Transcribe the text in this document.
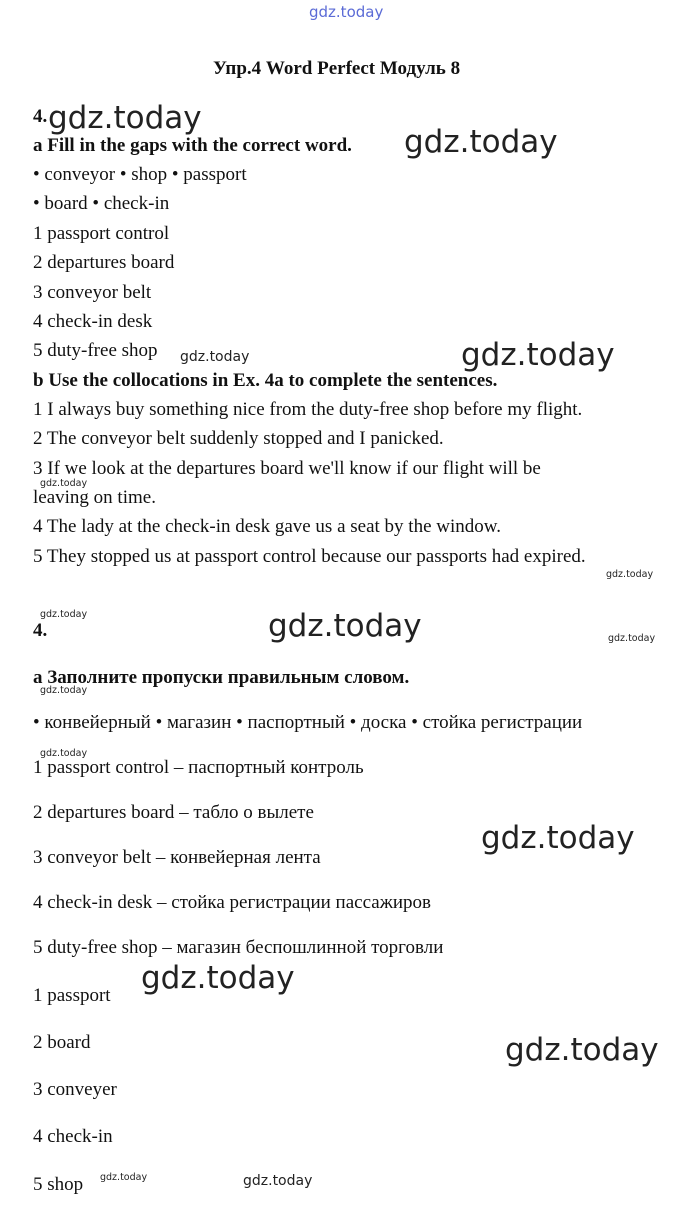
gdz.today
Упр.4 Word Perfect Модуль 8
4.
a Fill in the gaps with the correct word.
• conveyor • shop • passport
• board • check-in
1 passport control
2 departures board
3 conveyor belt
4 check-in desk
5 duty-free shop
b Use the collocations in Ex. 4a to complete the sentences.
1 I always buy something nice from the duty-free shop before my flight.
2 The conveyor belt suddenly stopped and I panicked.
3 If we look at the departures board we'll know if our flight will be
leaving on time.
4 The lady at the check-in desk gave us a seat by the window.
5 They stopped us at passport control because our passports had expired.
4.
a Заполните пропуски правильным словом.
• конвейерный • магазин • паспортный • доска • стойка регистрации
1 passport control – паспортный контроль
2 departures board – табло о вылете
3 conveyor belt – конвейерная лента
4 check-in desk – стойка регистрации пассажиров
5 duty-free shop – магазин беспошлинной торговли
1 passport
2 board
3 conveyer
4 check-in
5 shop
gdz.today
gdz.today
gdz.today	gdz.today
gdz.today
gdz.today
gdz.today	gdz.today	gdz.today
gdz.today
gdz.today
gdz.today
gdz.today
gdz.today
gdz.today	gdz.today
